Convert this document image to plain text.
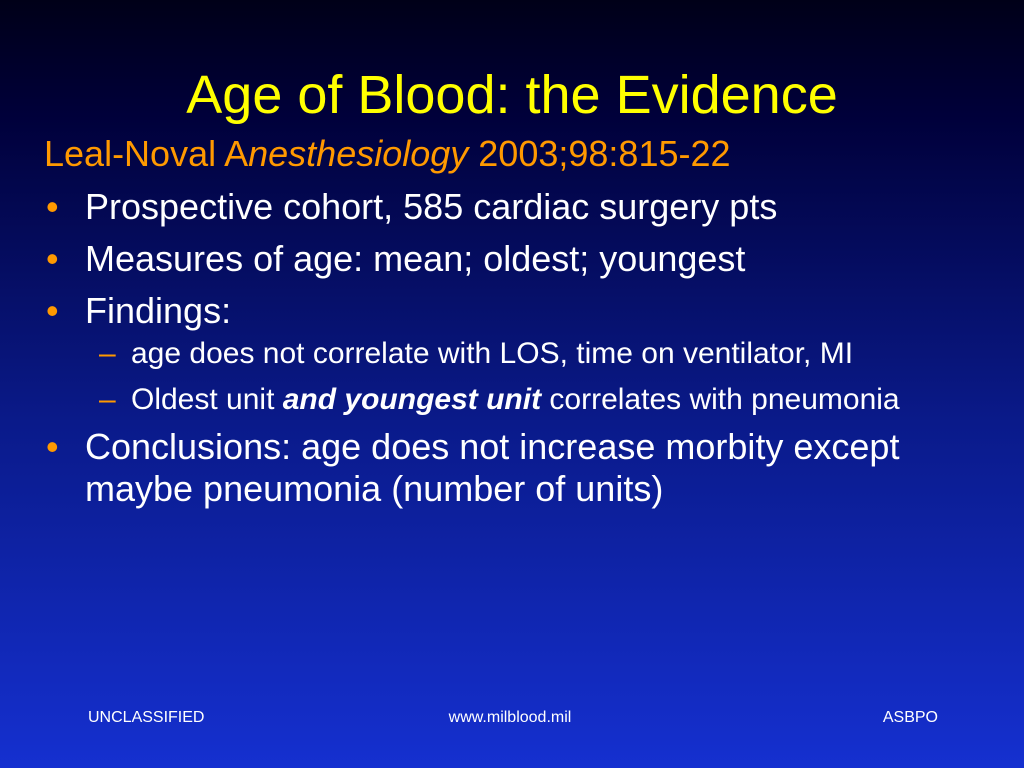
Age of Blood: the Evidence
Leal-Noval Anesthesiology 2003;98:815-22
• Prospective cohort, 585 cardiac surgery pts
• Measures of age: mean; oldest; youngest
• Findings:
– age does not correlate with LOS, time on ventilator, MI
– Oldest unit and youngest unit correlates with pneumonia
• Conclusions: age does not increase morbity except maybe pneumonia (number of units)
UNCLASSIFIED	www.milblood.mil	ASBPO
